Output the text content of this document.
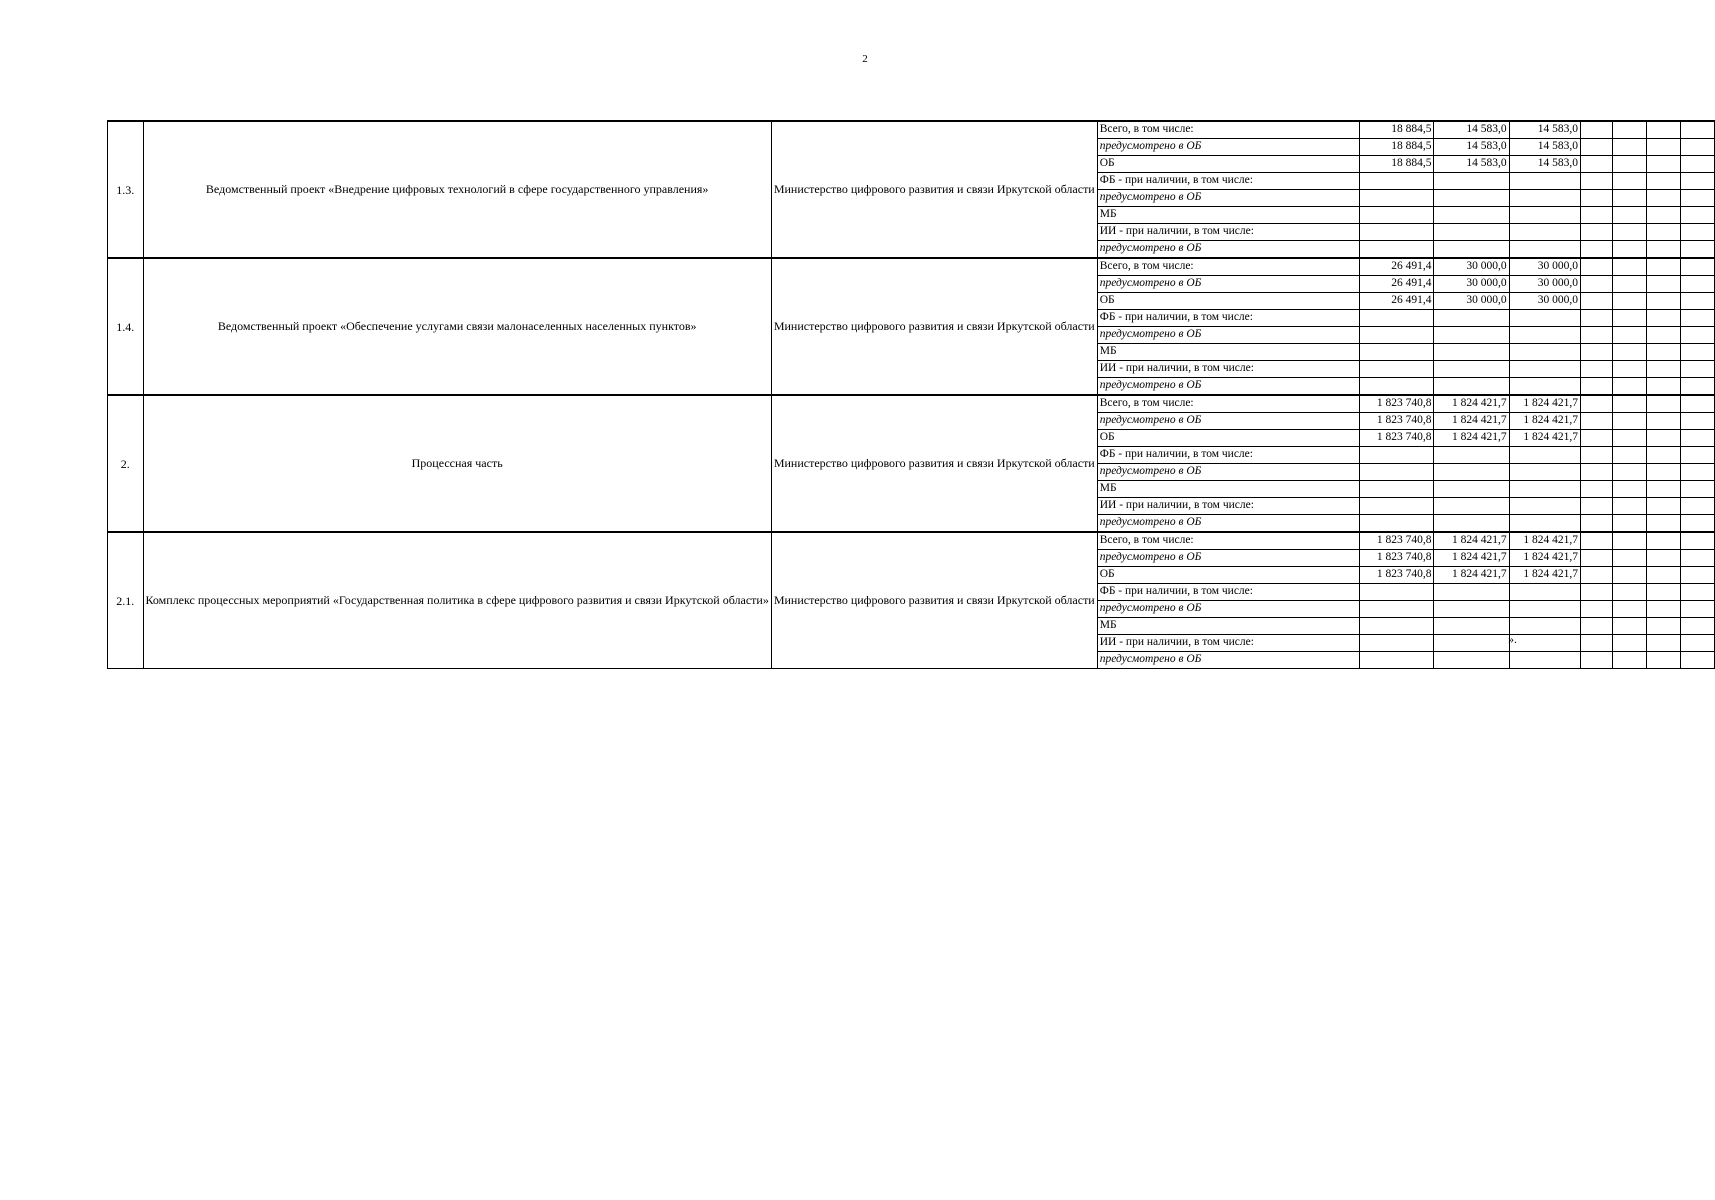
2
1.3.	Ведомственный проект «Внедрение цифровых технологий в сфере государственного управления»	Министерство цифрового развития и связи Иркутской области	Всего, в том числе:	18 884,5	14 583,0	14 583,0				
			предусмотрено в ОБ	18 884,5	14 583,0	14 583,0				
			ОБ	18 884,5	14 583,0	14 583,0				
			ФБ - при наличии, в том числе:							
			предусмотрено в ОБ							
			МБ							
			ИИ - при наличии, в том числе:							
			предусмотрено в ОБ							
1.4.	Ведомственный проект «Обеспечение услугами связи малонаселенных населенных пунктов»	Министерство цифрового развития и связи Иркутской области	Всего, в том числе:	26 491,4	30 000,0	30 000,0				
			предусмотрено в ОБ	26 491,4	30 000,0	30 000,0				
			ОБ	26 491,4	30 000,0	30 000,0				
			ФБ - при наличии, в том числе:							
			предусмотрено в ОБ							
			МБ							
			ИИ - при наличии, в том числе:							
			предусмотрено в ОБ							
2.	Процессная часть	Министерство цифрового развития и связи Иркутской области	Всего, в том числе:	1 823 740,8	1 824 421,7	1 824 421,7				
			предусмотрено в ОБ	1 823 740,8	1 824 421,7	1 824 421,7				
			ОБ	1 823 740,8	1 824 421,7	1 824 421,7				
			ФБ - при наличии, в том числе:							
			предусмотрено в ОБ							
			МБ							
			ИИ - при наличии, в том числе:							
			предусмотрено в ОБ							
2.1.	Комплекс процессных мероприятий «Государственная политика в сфере цифрового развития и связи Иркутской области»	Министерство цифрового развития и связи Иркутской области	Всего, в том числе:	1 823 740,8	1 824 421,7	1 824 421,7				
			предусмотрено в ОБ	1 823 740,8	1 824 421,7	1 824 421,7				
			ОБ	1 823 740,8	1 824 421,7	1 824 421,7				
			ФБ - при наличии, в том числе:							
			предусмотрено в ОБ							
			МБ							
			ИИ - при наличии, в том числе:							
			предусмотрено в ОБ							
».
